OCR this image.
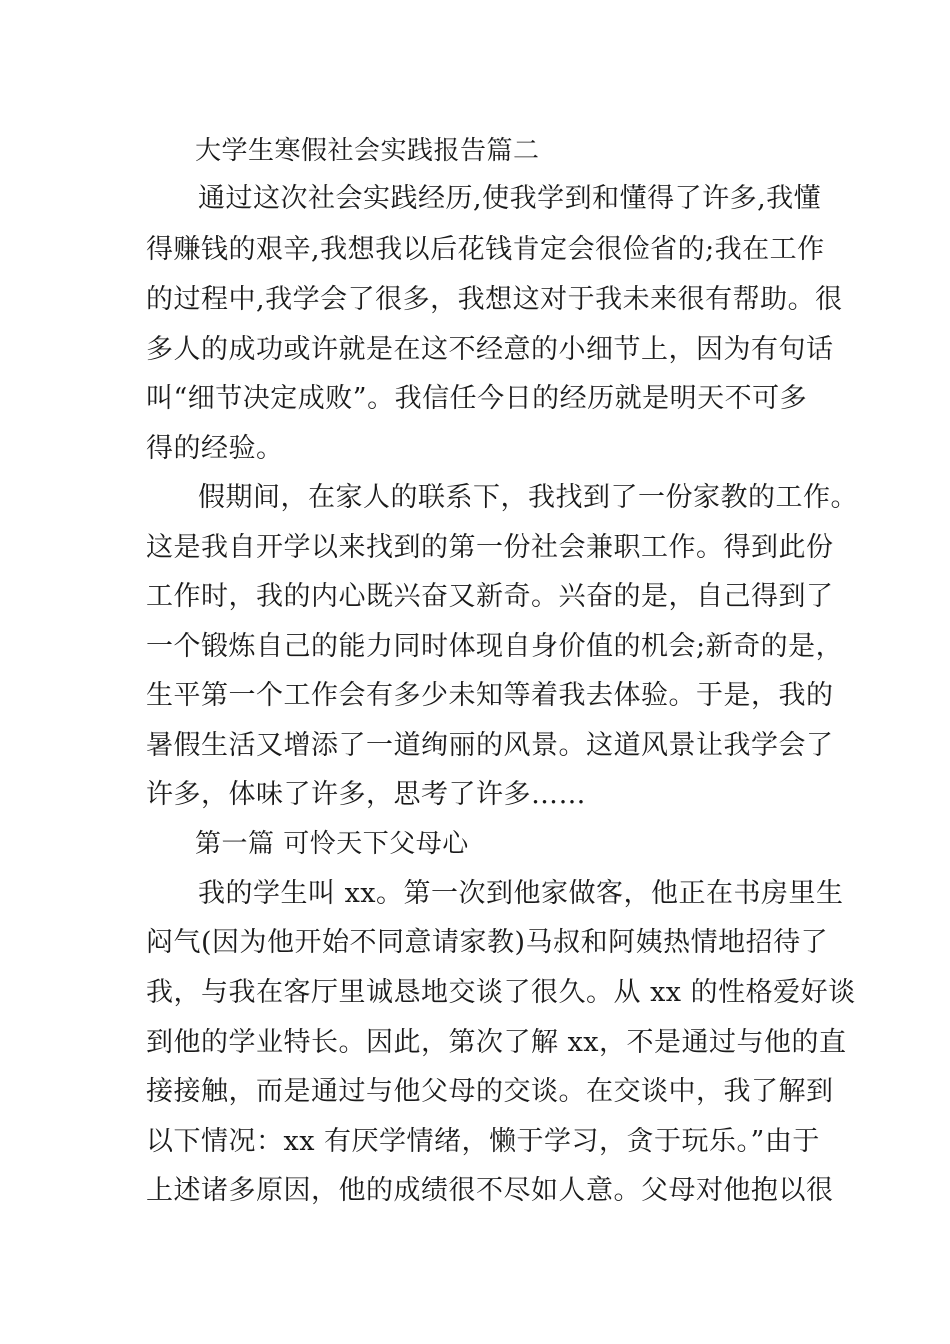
大学生寒假社会实践报告篇二
通过这次社会实践经历,使我学到和懂得了许多,我懂
得赚钱的艰辛,我想我以后花钱肯定会很俭省的;我在工作
的过程中,我学会了很多，我想这对于我未来很有帮助。很
多人的成功或许就是在这不经意的小细节上，因为有句话
叫“细节决定成败”。我信任今日的经历就是明天不可多
得的经验。
假期间，在家人的联系下，我找到了一份家教的工作。
这是我自开学以来找到的第一份社会兼职工作。得到此份
工作时，我的内心既兴奋又新奇。兴奋的是，自己得到了
一个锻炼自己的能力同时体现自身价值的机会;新奇的是，
生平第一个工作会有多少未知等着我去体验。于是，我的
暑假生活又增添了一道绚丽的风景。这道风景让我学会了
许多，体味了许多，思考了许多……
第一篇 可怜天下父母心
我的学生叫 xx。第一次到他家做客，他正在书房里生
闷气(因为他开始不同意请家教)马叔和阿姨热情地招待了
我，与我在客厅里诚恳地交谈了很久。从 xx 的性格爱好谈
到他的学业特长。因此，第次了解 xx，不是通过与他的直
接接触，而是通过与他父母的交谈。在交谈中，我了解到
以下情况：xx 有厌学情绪，懒于学习，贪于玩乐。”由于
上述诸多原因，他的成绩很不尽如人意。父母对他抱以很
